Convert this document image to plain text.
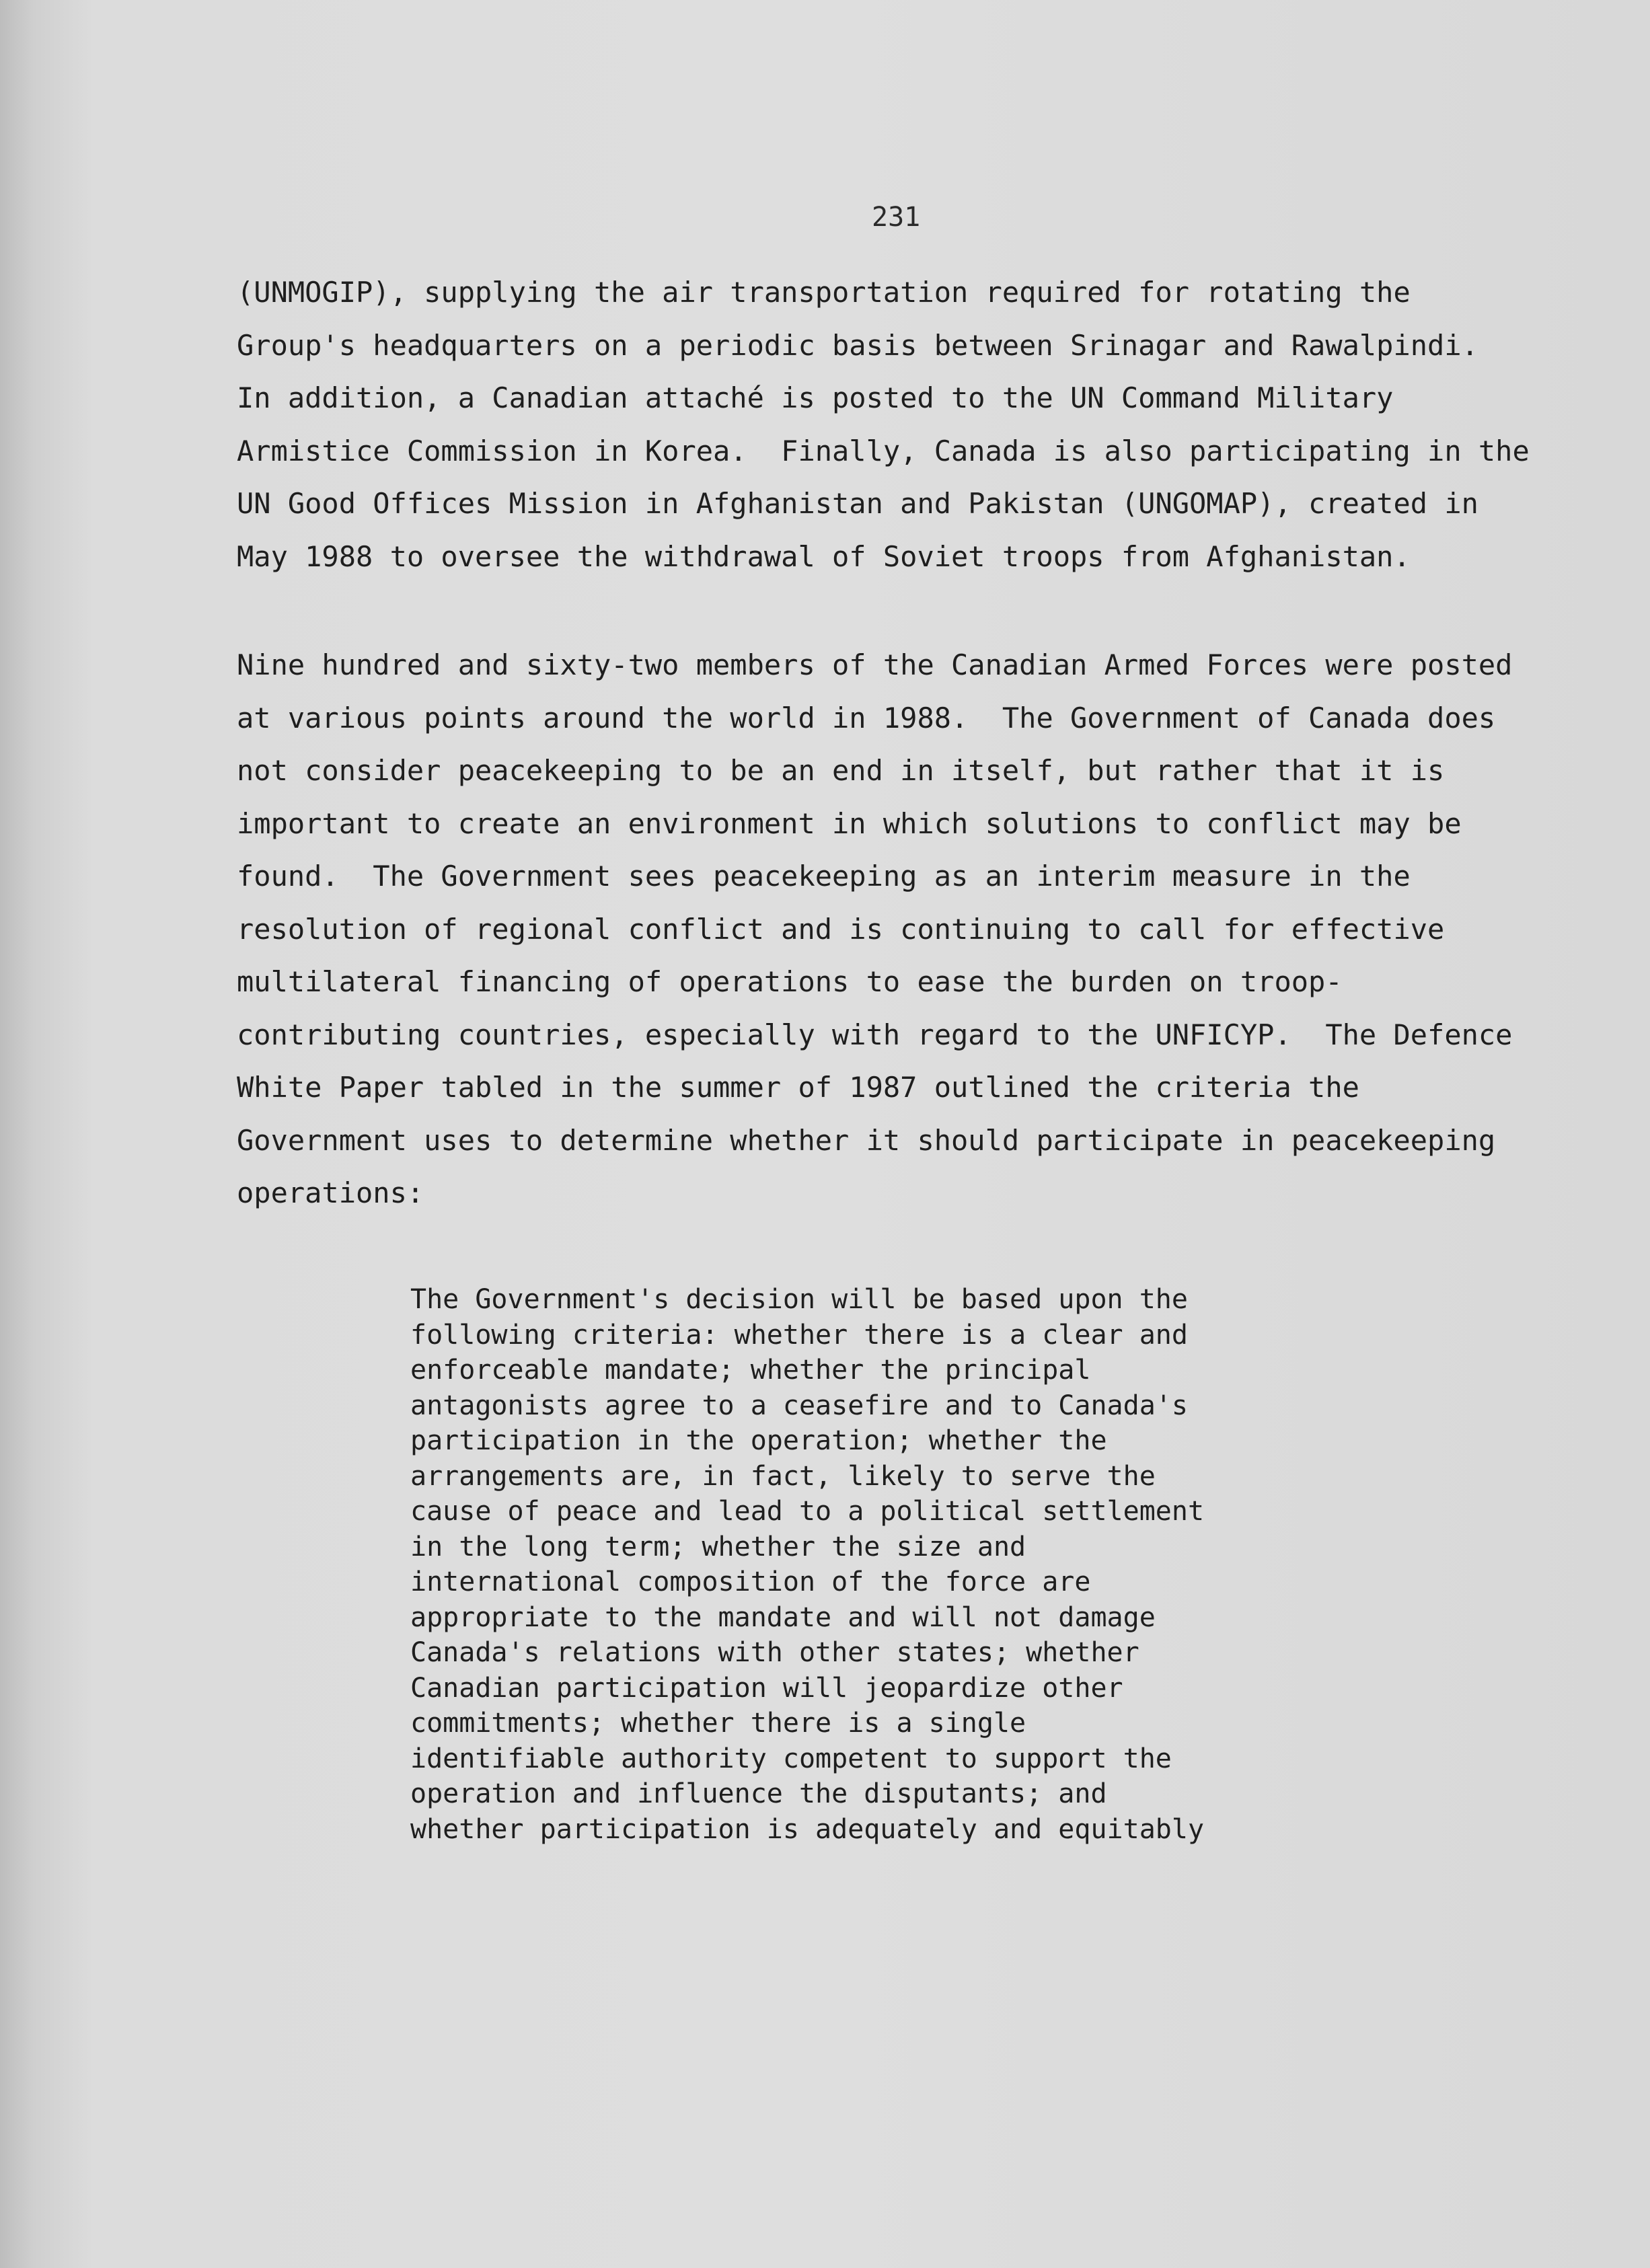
231
(UNMOGIP), supplying the air transportation required for rotating the
Group's headquarters on a periodic basis between Srinagar and Rawalpindi.
In addition, a Canadian attaché is posted to the UN Command Military
Armistice Commission in Korea.  Finally, Canada is also participating in the
UN Good Offices Mission in Afghanistan and Pakistan (UNGOMAP), created in
May 1988 to oversee the withdrawal of Soviet troops from Afghanistan.
Nine hundred and sixty-two members of the Canadian Armed Forces were posted
at various points around the world in 1988.  The Government of Canada does
not consider peacekeeping to be an end in itself, but rather that it is
important to create an environment in which solutions to conflict may be
found.  The Government sees peacekeeping as an interim measure in the
resolution of regional conflict and is continuing to call for effective
multilateral financing of operations to ease the burden on troop-
contributing countries, especially with regard to the UNFICYP.  The Defence
White Paper tabled in the summer of 1987 outlined the criteria the
Government uses to determine whether it should participate in peacekeeping
operations:
The Government's decision will be based upon the
following criteria: whether there is a clear and
enforceable mandate; whether the principal
antagonists agree to a ceasefire and to Canada's
participation in the operation; whether the
arrangements are, in fact, likely to serve the
cause of peace and lead to a political settlement
in the long term; whether the size and
international composition of the force are
appropriate to the mandate and will not damage
Canada's relations with other states; whether
Canadian participation will jeopardize other
commitments; whether there is a single
identifiable authority competent to support the
operation and influence the disputants; and
whether participation is adequately and equitably
